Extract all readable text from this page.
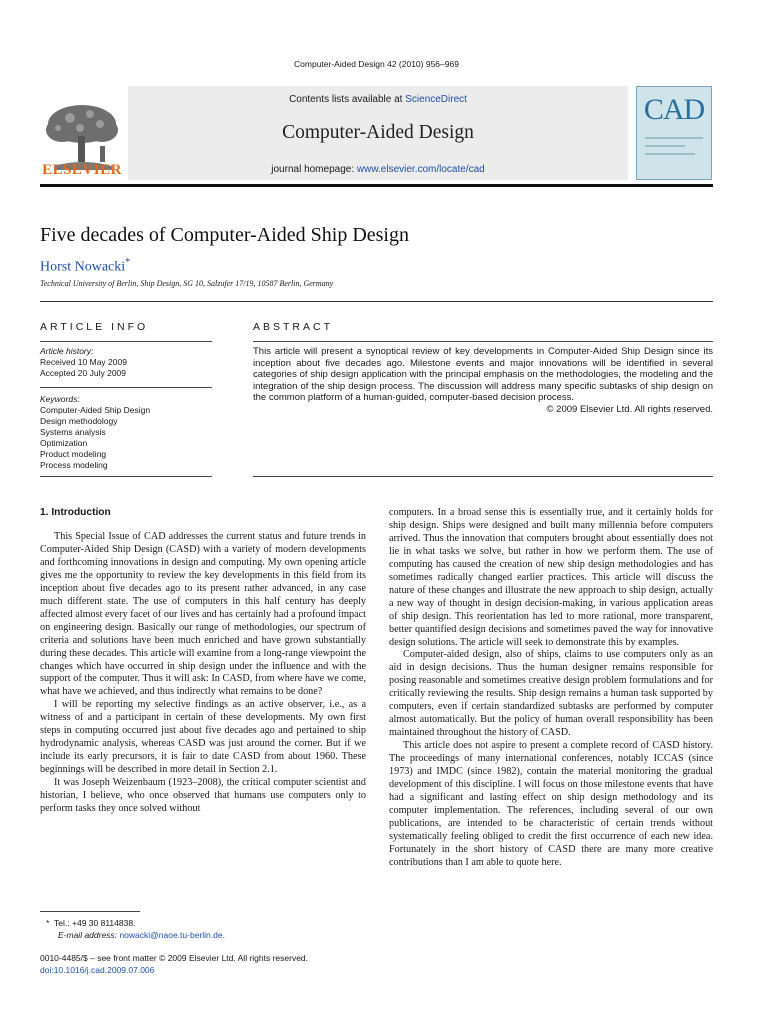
Computer-Aided Design 42 (2010) 956–969
Contents lists available at ScienceDirect
Computer-Aided Design
journal homepage: www.elsevier.com/locate/cad
ELSEVIER
CAD
Five decades of Computer-Aided Ship Design
Horst Nowacki*
Technical University of Berlin, Ship Design, SG 10, Salzufer 17/19, 10587 Berlin, Germany
ARTICLE INFO	ABSTRACT
Article history:
Received 10 May 2009
Accepted 20 July 2009
Keywords:
Computer-Aided Ship Design
Design methodology
Systems analysis
Optimization
Product modeling
Process modeling
This article will present a synoptical review of key developments in Computer-Aided Ship Design since its inception about five decades ago. Milestone events and major innovations will be identified in several categories of ship design application with the principal emphasis on the methodologies, the modeling and the integration of the ship design process. The discussion will address many specific subtasks of ship design on the common platform of a human-guided, computer-based decision process.
© 2009 Elsevier Ltd. All rights reserved.
1. Introduction

This Special Issue of CAD addresses the current status and future trends in Computer-Aided Ship Design (CASD) with a variety of modern developments and forthcoming innovations in design and computing. My own opening article gives me the opportunity to review the key developments in this field from its inception about five decades ago to its present rather advanced, in any case much different state. The use of computers in this half century has deeply affected almost every facet of our lives and has certainly had a profound impact on engineering design. Basically our range of methodologies, our spectrum of criteria and solutions have been much enriched and have grown substantially during these decades. This article will examine from a long-range viewpoint the changes which have occurred in ship design under the influence and with the support of the computer. Thus it will ask: In CASD, from where have we come, what have we achieved, and thus indirectly what remains to be done?

I will be reporting my selective findings as an active observer, i.e., as a witness of and a participant in certain of these developments. My own first steps in computing occurred just about five decades ago and pertained to ship hydrodynamic analysis, whereas CASD was just around the corner. But if we include its early precursors, it is fair to date CASD from about 1960. These beginnings will be described in more detail in Section 2.1.

It was Joseph Weizenbaum (1923–2008), the critical computer scientist and historian, I believe, who once observed that humans use computers only to perform tasks they once solved without

computers. In a broad sense this is essentially true, and it certainly holds for ship design. Ships were designed and built many millennia before computers arrived. Thus the innovation that computers brought about essentially does not lie in what tasks we solve, but rather in how we perform them. The use of computing has caused the creation of new ship design methodologies and has sometimes radically changed earlier practices. This article will discuss the nature of these changes and illustrate the new approach to ship design, actually a new way of thought in design decision-making, in various application areas of ship design. This reorientation has led to more rational, more transparent, better quantified design decisions and sometimes paved the way for innovative design solutions. The article will seek to demonstrate this by examples.

Computer-aided design, also of ships, claims to use computers only as an aid in design decisions. Thus the human designer remains responsible for posing reasonable and sometimes creative design problem formulations and for critically reviewing the results. Ship design remains a human task supported by computers, even if certain standardized subtasks are performed by computer almost automatically. But the policy of human overall responsibility has been maintained throughout the history of CASD.

This article does not aspire to present a complete record of CASD history. The proceedings of many international conferences, notably ICCAS (since 1973) and IMDC (since 1982), contain the material monitoring the gradual development of this discipline. I will focus on those milestone events that have had a significant and lasting effect on ship design methodology and its computer implementation. The references, including several of our own publications, are intended to be characteristic of certain trends without systematically feeling obliged to credit the first occurrence of each new idea. Fortunately in the short history of CASD there are many more creative contributions than I am able to quote here.

* Tel.: +49 30 8114838.
E-mail address: nowacki@naoe.tu-berlin.de.
0010-4485/$ – see front matter © 2009 Elsevier Ltd. All rights reserved.
doi:10.1016/j.cad.2009.07.006
